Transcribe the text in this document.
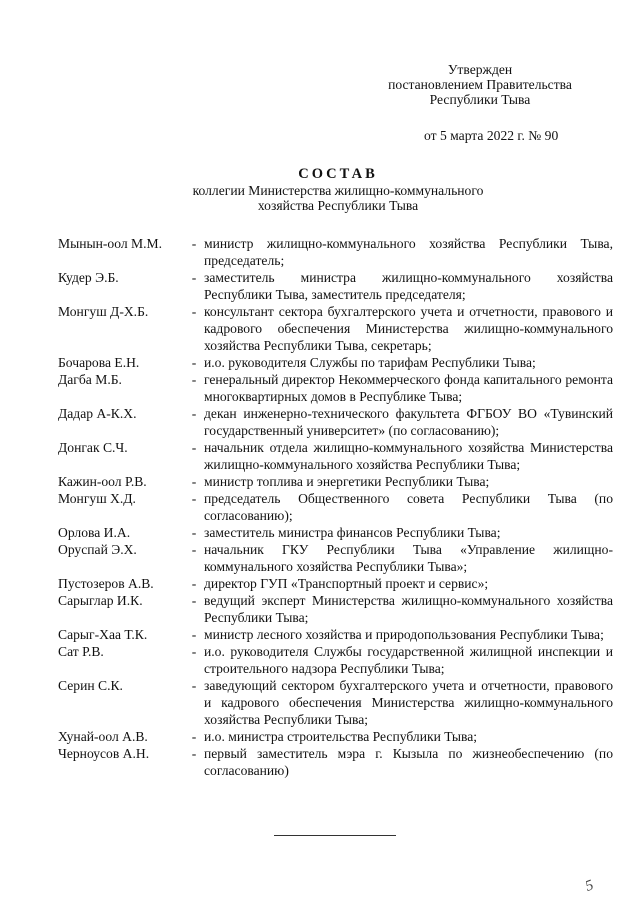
Утвержден
постановлением Правительства
Республики Тыва
от 5 марта 2022 г. № 90
СОСТАВ
коллегии Министерства жилищно-коммунального
хозяйства Республики Тыва
Мынын-оол М.М.	- министр жилищно-коммунального хозяйства Республики Тыва, председатель;
Кудер Э.Б.	- заместитель министра жилищно-коммунального хозяйства Республики Тыва, заместитель председателя;
Монгуш Д-Х.Б.	- консультант сектора бухгалтерского учета и отчетности, правового и кадрового обеспечения Министерства жилищно-коммунального хозяйства Республики Тыва, секретарь;
Бочарова Е.Н.	- и.о. руководителя Службы по тарифам Республики Тыва;
Дагба М.Б.	- генеральный директор Некоммерческого фонда капитального ремонта многоквартирных домов в Республике Тыва;
Дадар А-К.Х.	- декан инженерно-технического факультета ФГБОУ ВО «Тувинский государственный университет» (по согласованию);
Донгак С.Ч.	- начальник отдела жилищно-коммунального хозяйства Министерства жилищно-коммунального хозяйства Республики Тыва;
Кажин-оол Р.В.	- министр топлива и энергетики Республики Тыва;
Монгуш Х.Д.	- председатель Общественного совета Республики Тыва (по согласованию);
Орлова И.А.	- заместитель министра финансов Республики Тыва;
Оруспай Э.Х.	- начальник ГКУ Республики Тыва «Управление жилищно-коммунального хозяйства Республики Тыва»;
Пустозеров А.В.	- директор ГУП «Транспортный проект и сервис»;
Сарыглар И.К.	- ведущий эксперт Министерства жилищно-коммунального хозяйства Республики Тыва;
Сарыг-Хаа Т.К.	- министр лесного хозяйства и природопользования Республики Тыва;
Сат Р.В.	- и.о. руководителя Службы государственной жилищной инспекции и строительного надзора Республики Тыва;
Серин С.К.	- заведующий сектором бухгалтерского учета и отчетности, правового и кадрового обеспечения Министерства жилищно-коммунального хозяйства Республики Тыва;
Хунай-оол А.В.	- и.о. министра строительства Республики Тыва;
Черноусов А.Н.	- первый заместитель мэра г. Кызыла по жизнеобеспечению (по согласованию)
5
